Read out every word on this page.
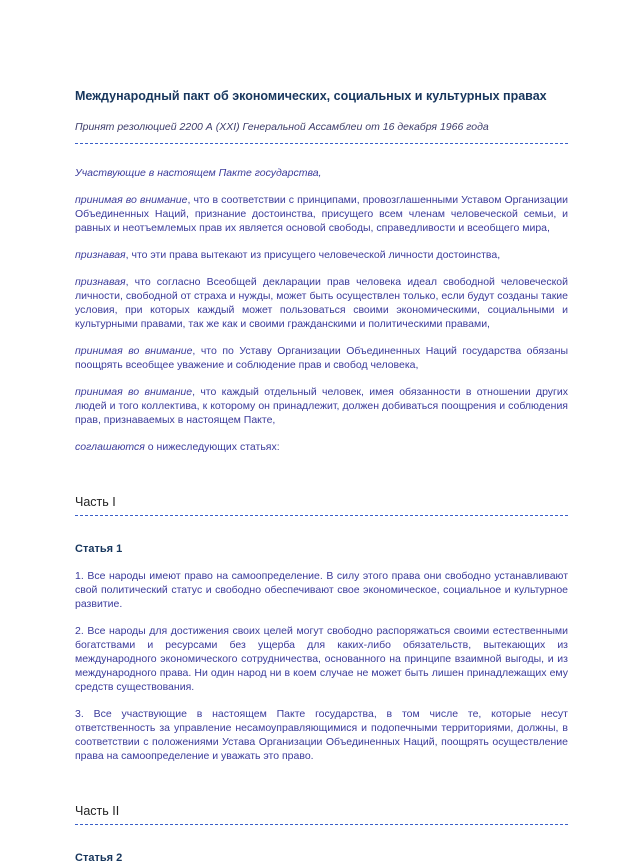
Международный пакт об экономических, социальных и культурных правах

Принят резолюцией 2200 А (XXI) Генеральной Ассамблеи от 16 декабря 1966 года

Участвующие в настоящем Пакте государства,

принимая во внимание, что в соответствии с принципами, провозглашенными Уставом Организации Объединенных Наций, признание достоинства, присущего всем членам человеческой семьи, и равных и неотъемлемых прав их является основой свободы, справедливости и всеобщего мира,

признавая, что эти права вытекают из присущего человеческой личности достоинства,

признавая, что согласно Всеобщей декларации прав человека идеал свободной человеческой личности, свободной от страха и нужды, может быть осуществлен только, если будут созданы такие условия, при которых каждый может пользоваться своими экономическими, социальными и культурными правами, так же как и своими гражданскими и политическими правами,

принимая во внимание, что по Уставу Организации Объединенных Наций государства обязаны поощрять всеобщее уважение и соблюдение прав и свобод человека,

принимая во внимание, что каждый отдельный человек, имея обязанности в отношении других людей и того коллектива, к которому он принадлежит, должен добиваться поощрения и соблюдения прав, признаваемых в настоящем Пакте,

соглашаются о нижеследующих статьях:

Часть I
Статья 1

1. Все народы имеют право на самоопределение. В силу этого права они свободно устанавливают свой политический статус и свободно обеспечивают свое экономическое, социальное и культурное развитие.

2. Все народы для достижения своих целей могут свободно распоряжаться своими естественными богатствами и ресурсами без ущерба для каких-либо обязательств, вытекающих из международного экономического сотрудничества, основанного на принципе взаимной выгоды, и из международного права. Ни один народ ни в коем случае не может быть лишен принадлежащих ему средств существования.

3. Все участвующие в настоящем Пакте государства, в том числе те, которые несут ответственность за управление несамоуправляющимися и подопечными территориями, должны, в соответствии с положениями Устава Организации Объединенных Наций, поощрять осуществление права на самоопределение и уважать это право.

Часть II
Статья 2
